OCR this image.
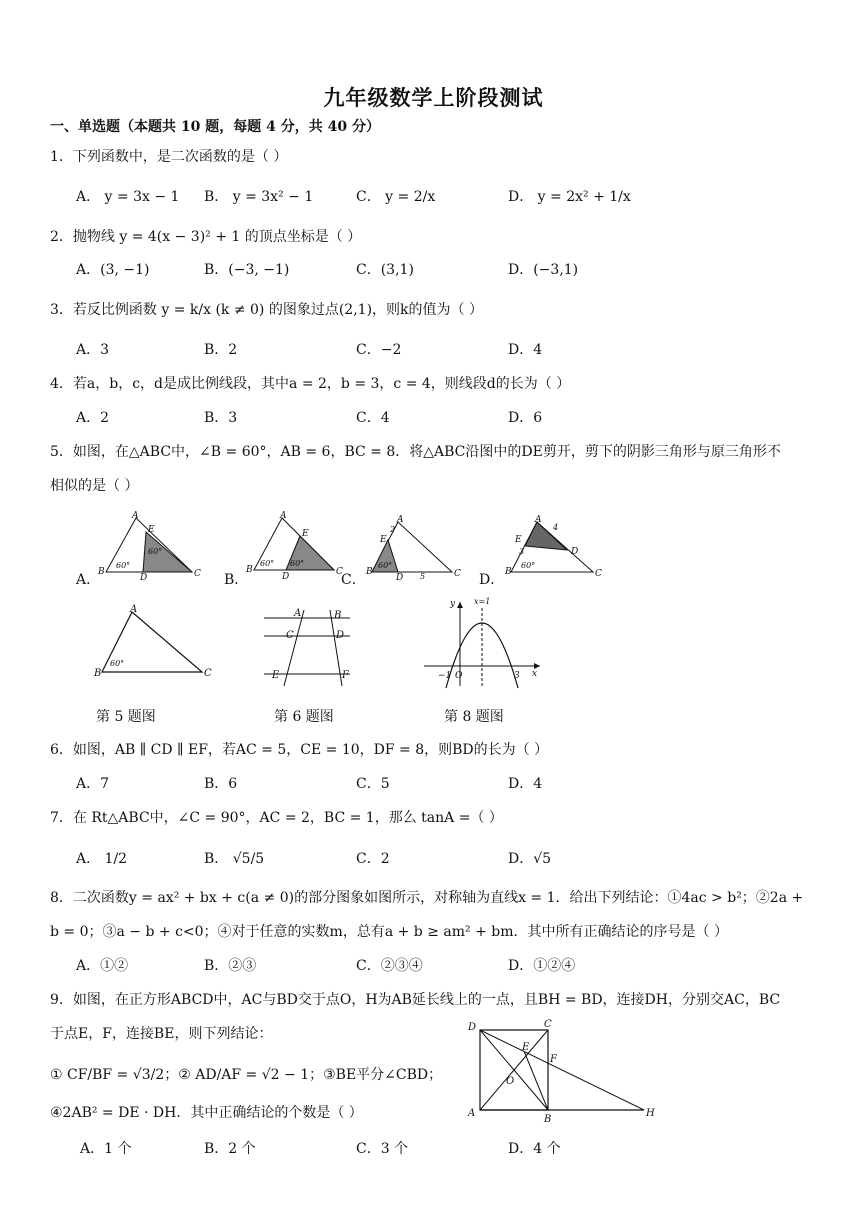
九年级数学上阶段测试
一、单选题（本题共 10 题，每题 4 分，共 40 分）
1．下列函数中，是二次函数的是（ ）
A． y = 3x − 1 B． y = 3x² − 1	C． y = 2/x	D． y = 2x² + 1/x
2．抛物线 y = 4(x − 3)² + 1 的顶点坐标是（ ）
A．(3, −1)	B．(−3, −1)	C．(3,1)	D．(−3,1)
3．若反比例函数 y = k/x (k ≠ 0) 的图象过点(2,1)，则k的值为（ ）
A．3	B．2	C．−2	D．4
4．若a，b，c，d是成比例线段，其中a = 2，b = 3，c = 4，则线段d的长为（ ）
A．2	B．3	C．4	D．6
5．如图，在△ABC中，∠B = 60°，AB = 6，BC = 8．将△ABC沿图中的DE剪开，剪下的阴影三角形与原三角形不
相似的是（ ）
A．
A
E
B
D	C
60°
60°
B．
A
E
B
D	C
60° 60°
C．
A
E
B
D 5	C
2
60°
D．
A
E
D
3
4
B	C
60°
A
B	C
60°
第 5 题图
A	B
C	D
E	F
第 6 题图
y x=1
−1 O	3 x
第 8 题图
6．如图，AB ∥ CD ∥ EF，若AC = 5，CE = 10，DF = 8，则BD的长为（ ）
A．7	B．6	C．5	D．4
7．在 Rt△ABC中，∠C = 90°，AC = 2，BC = 1，那么 tanA =（ ）
A． 1/2	B． √5/5	C．2	D．√5
8．二次函数y = ax² + bx + c(a ≠ 0)的部分图象如图所示，对称轴为直线x = 1．给出下列结论：①4ac > b²；②2a +
b = 0；③a − b + c<0；④对于任意的实数m，总有a + b ≥ am² + bm．其中所有正确结论的序号是（ ）
A．①②	B．②③	C．②③④	D．①②④
9．如图，在正方形ABCD中，AC与BD交于点O，H为AB延长线上的一点，且BH = BD，连接DH，分别交AC，BC
于点E，F，连接BE，则下列结论：
① CF/BF = √3/2；② AD/AF = √2 − 1；③BE平分∠CBD；
④2AB² = DE · DH．其中正确结论的个数是（ ）
A．1 个	B．2 个	C．3 个	D．4 个
D	C
E
F
O
A
B
H
